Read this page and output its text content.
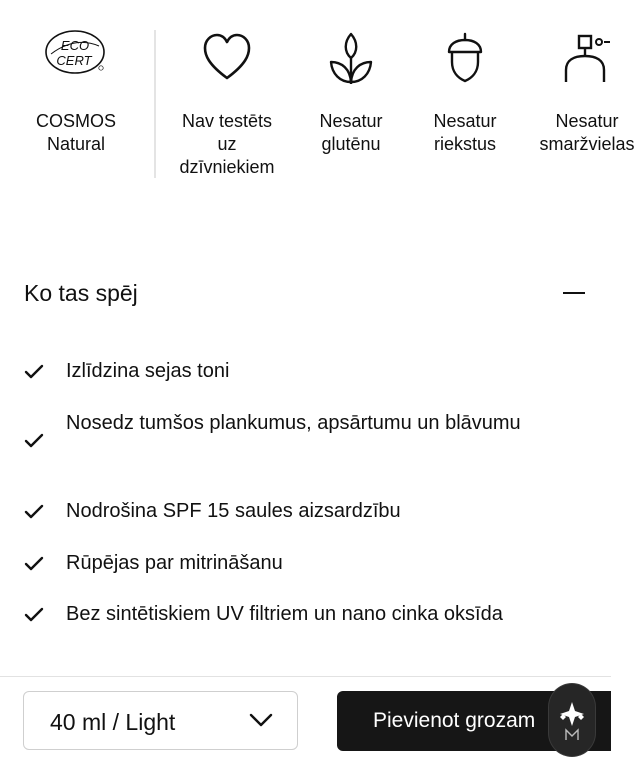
ECO
CERT
COSMOS
Natural
Nav testēts
uz
dzīvniekiem
Nesatur
glutēnu
Nesatur
riekstus
Nesatur
smaržvielas
Ko tas spēj
Izlīdzina sejas toni
Nosedz tumšos plankumus, apsārtumu un blāvumu
Nodrošina SPF 15 saules aizsardzību
Rūpējas par mitrināšanu
Bez sintētiskiem UV filtriem un nano cinka oksīda
40 ml / Light	Pievienot grozam
